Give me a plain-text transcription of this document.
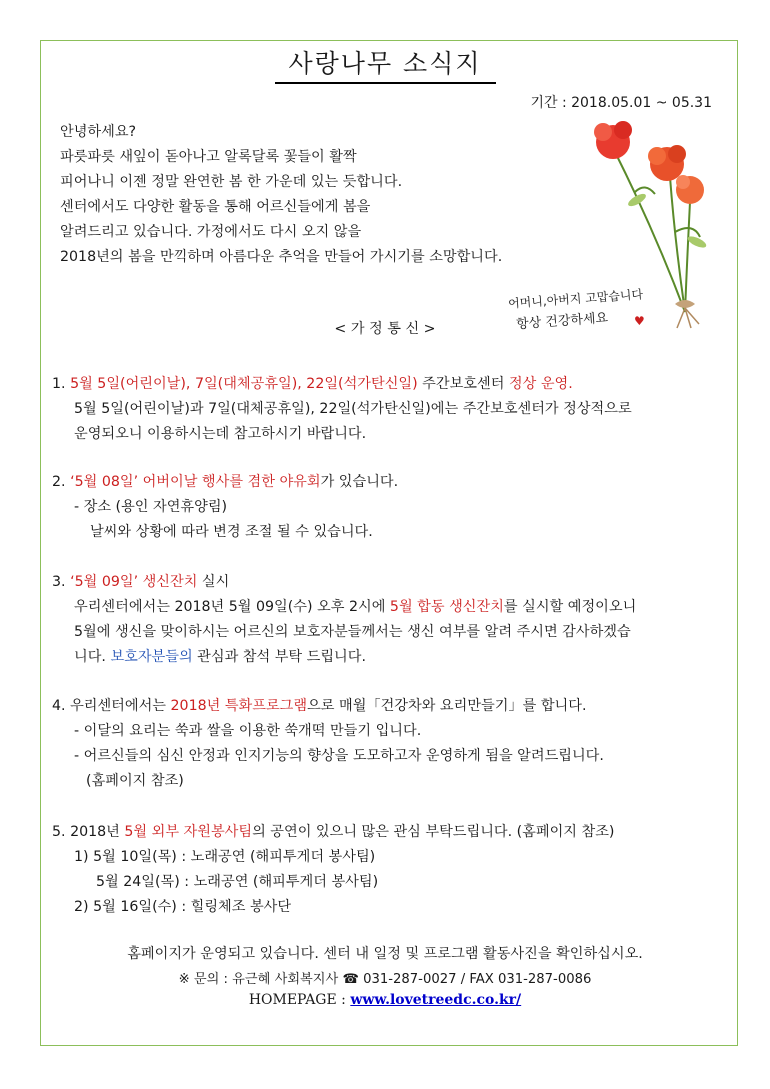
사랑나무 소식지
기간 : 2018.05.01 ~ 05.31
안녕하세요?
파릇파릇 새잎이 돋아나고 알록달록 꽃들이 활짝
피어나니 이젠 정말 완연한 봄 한 가운데 있는 듯합니다.
센터에서도 다양한 활동을 통해 어르신들에게 봄을
알려드리고 있습니다. 가정에서도 다시 오지 않을
2018년의 봄을 만끽하며 아름다운 추억을 만들어 가시기를 소망합니다.
어머니,아버지 고맙습니다
항상 건강하세요 ♥
< 가 정 통 신 >
1. 5월 5일(어린이날), 7일(대체공휴일), 22일(석가탄신일) 주간보호센터 정상 운영.
5월 5일(어린이날)과 7일(대체공휴일), 22일(석가탄신일)에는 주간보호센터가 정상적으로
운영되오니 이용하시는데 참고하시기 바랍니다.
2. ‘5월 08일’ 어버이날 행사를 겸한 야유회가 있습니다.
- 장소 (용인 자연휴양림)
날씨와 상황에 따라 변경 조절 될 수 있습니다.
3. ‘5월 09일’ 생신잔치 실시
우리센터에서는 2018년 5월 09일(수) 오후 2시에 5월 합동 생신잔치를 실시할 예정이오니
5월에 생신을 맞이하시는 어르신의 보호자분들께서는 생신 여부를 알려 주시면 감사하겠습
니다. 보호자분들의 관심과 참석 부탁 드립니다.
4. 우리센터에서는 2018년 특화프로그램으로 매월「건강차와 요리만들기」를 합니다.
- 이달의 요리는 쑥과 쌀을 이용한 쑥개떡 만들기 입니다.
- 어르신들의 심신 안정과 인지기능의 향상을 도모하고자 운영하게 됨을 알려드립니다.
(홈페이지 참조)
5. 2018년 5월 외부 자원봉사팀의 공연이 있으니 많은 관심 부탁드립니다. (홈페이지 참조)
1) 5월 10일(목) : 노래공연 (해피투게더 봉사팀)
5월 24일(목) : 노래공연 (해피투게더 봉사팀)
2) 5월 16일(수) : 힐링체조 봉사단
홈페이지가 운영되고 있습니다. 센터 내 일정 및 프로그램 활동사진을 확인하십시오.
※ 문의 : 유근혜 사회복지사 ☎ 031-287-0027 / FAX 031-287-0086
HOMEPAGE : www.lovetreedc.co.kr/
